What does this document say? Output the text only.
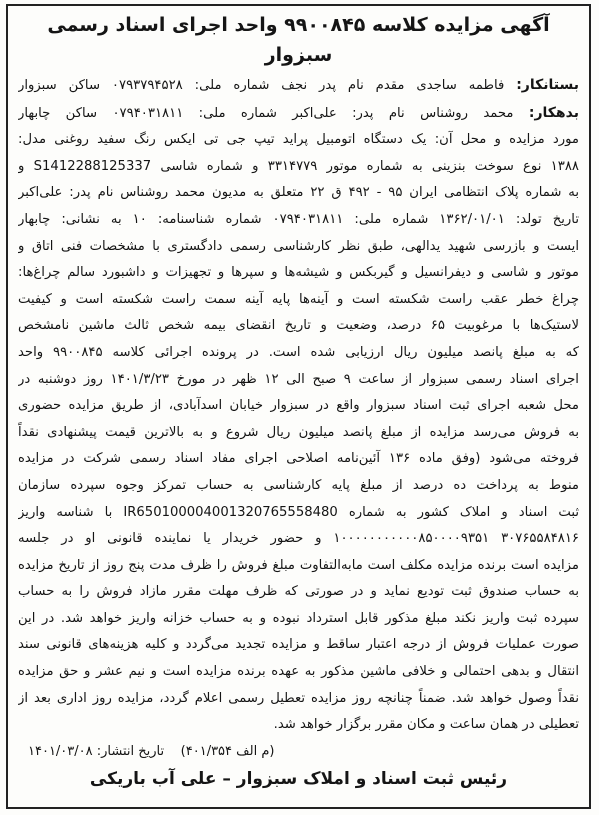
آگهی مزایده کلاسه ۹۹۰۰۸۴۵ واحد اجرای اسناد رسمی سبزوار
بستانکار: فاطمه ساجدی مقدم نام پدر نجف شماره ملی: ۰۷۹۳۷۹۴۵۲۸ ساکن سبزوار
بدهکار: محمد روشناس نام پدر: علی‌اکبر شماره ملی: ۰۷۹۴۰۳۱۸۱۱ ساکن چابهار
مورد مزایده و محل آن: یک دستگاه اتومبیل پراید تیپ جی تی ایکس رنگ سفید روغنی مدل:
۱۳۸۸ نوع سوخت بنزینی به شماره موتور ۳۳۱۴۷۷۹ و شماره شاسی S1412288125337 و
به شماره پلاک انتظامی ایران ۹۵ - ۴۹۲ ق ۲۲ متعلق به مدیون محمد روشناس نام پدر: علی‌اکبر
تاریخ تولد: ۱۳۶۲/۰۱/۰۱ شماره ملی: ۰۷۹۴۰۳۱۸۱۱ شماره شناسنامه: ۱۰ به نشانی: چابهار
ایست و بازرسی شهید یدالهی، طبق نظر کارشناسی رسمی دادگستری با مشخصات فنی اتاق و
موتور و شاسی و دیفرانسیل و گیربکس و شیشه‌ها و سپرها و تجهیزات و داشبورد سالم چراغ‌ها:
چراغ خطر عقب راست شکسته است و آینه‌ها پایه آینه سمت راست شکسته است و کیفیت
لاستیک‌ها با مرغوبیت ۶۵ درصد، وضعیت و تاریخ انقضای بیمه شخص ثالث ماشین نامشخص
که به مبلغ پانصد میلیون ریال ارزیابی شده است. در پرونده اجرائی کلاسه ۹۹۰۰۸۴۵ واحد
اجرای اسناد رسمی سبزوار از ساعت ۹ صبح الی ۱۲ ظهر در مورخ ۱۴۰۱/۳/۲۳ روز دوشنبه در
محل شعبه اجرای ثبت اسناد سبزوار واقع در سبزوار خیابان اسدآبادی، از طریق مزایده حضوری
به فروش می‌رسد مزایده از مبلغ پانصد میلیون ریال شروع و به بالاترین قیمت پیشنهادی نقداً
فروخته می‌شود (وفق ماده ۱۳۶ آئین‌نامه اصلاحی اجرای مفاد اسناد رسمی شرکت در مزایده
منوط به پرداخت ده درصد از مبلغ پایه کارشناسی به حساب تمرکز وجوه سپرده سازمان
ثبت اسناد و املاک کشور به شماره IR650100004001320765558480 با شناسه واریز
۳۰۷۶۵۵۸۴۸۱۶ ۱۰۰۰۰۰۰۰۰۰۰۰۸۵۰۰۰۰۹۳۵۱ و حضور خریدار یا نماینده قانونی او در جلسه
مزایده است برنده مزایده مکلف است مابه‌التفاوت مبلغ فروش را ظرف مدت پنج روز از تاریخ مزایده
به حساب صندوق ثبت تودیع نماید و در صورتی که ظرف مهلت مقرر مازاد فروش را به حساب
سپرده ثبت واریز نکند مبلغ مذکور قابل استرداد نبوده و به حساب خزانه واریز خواهد شد. در این
صورت عملیات فروش از درجه اعتبار ساقط و مزایده تجدید می‌گردد و کلیه هزینه‌های قانونی سند
انتقال و بدهی احتمالی و خلافی ماشین مذکور به عهده برنده مزایده است و نیم عشر و حق مزایده
نقداً وصول خواهد شد. ضمناً چنانچه روز مزایده تعطیل رسمی اعلام گردد، مزایده روز اداری بعد از
تعطیلی در همان ساعت و مکان مقرر برگزار خواهد شد.
(م الف ۴۰۱/۳۵۴)    تاریخ انتشار: ۱۴۰۱/۰۳/۰۸
رئیس ثبت اسناد و املاک سبزوار – علی آب باریکی
